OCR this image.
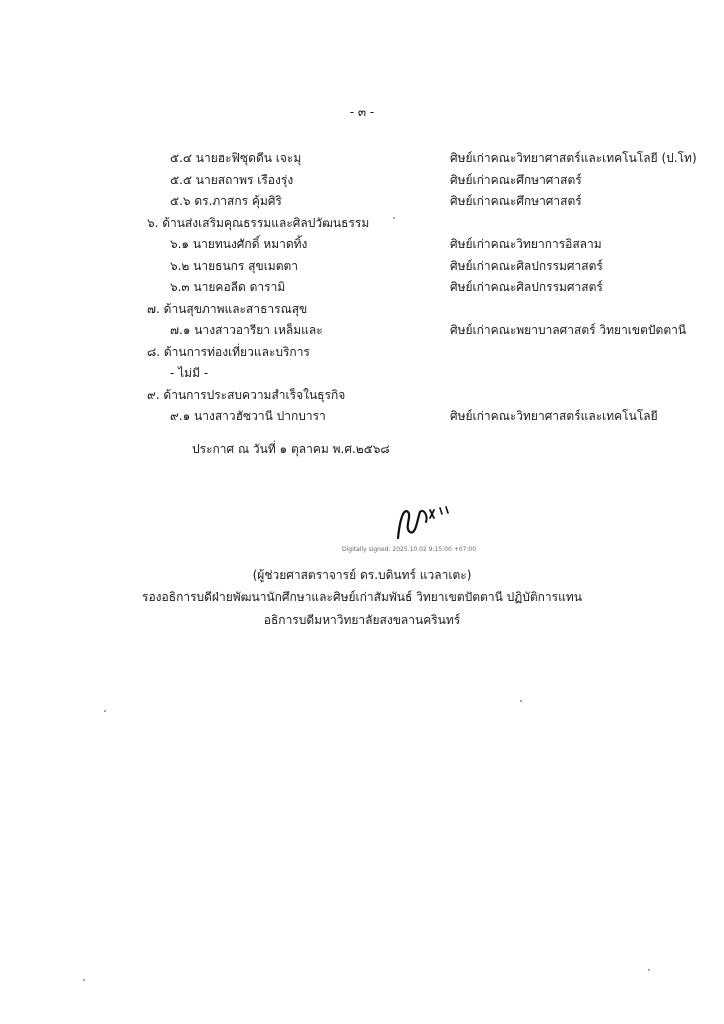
- ๓ -
๕.๔ นายฮะฟิซุดดีน เจะมุ	ศิษย์เก่าคณะวิทยาศาสตร์และเทคโนโลยี (ป.โท)
๕.๕ นายสถาพร เรืองรุ่ง	ศิษย์เก่าคณะศึกษาศาสตร์
๕.๖ ดร.ภาสกร คุ้มศิริ	ศิษย์เก่าคณะศึกษาศาสตร์
๖. ด้านส่งเสริมคุณธรรมและศิลปวัฒนธรรม
๖.๑ นายทนงศักดิ์ หมาดทิ้ง	ศิษย์เก่าคณะวิทยาการอิสลาม
๖.๒ นายธนกร สุขเมตตา	ศิษย์เก่าคณะศิลปกรรมศาสตร์
๖.๓ นายคอลีด ดารามิ	ศิษย์เก่าคณะศิลปกรรมศาสตร์
๗. ด้านสุขภาพและสาธารณสุข
๗.๑ นางสาวอารียา เหล็มและ	ศิษย์เก่าคณะพยาบาลศาสตร์ วิทยาเขตปัตตานี
๘. ด้านการท่องเที่ยวและบริการ
- ไม่มี -
๙. ด้านการประสบความสำเร็จในธุรกิจ
๙.๑ นางสาวฮัซวานี ปากบารา	ศิษย์เก่าคณะวิทยาศาสตร์และเทคโนโลยี
ประกาศ ณ วันที่ ๑ ตุลาคม พ.ศ.๒๕๖๘
Digitally signed: 2025.10.02 9:15:00 +07:00
(ผู้ช่วยศาสตราจารย์ ดร.บดินทร์ แวลาเตะ)
รองอธิการบดีฝ่ายพัฒนานักศึกษาและศิษย์เก่าสัมพันธ์ วิทยาเขตปัตตานี ปฏิบัติการแทน
อธิการบดีมหาวิทยาลัยสงขลานครินทร์
